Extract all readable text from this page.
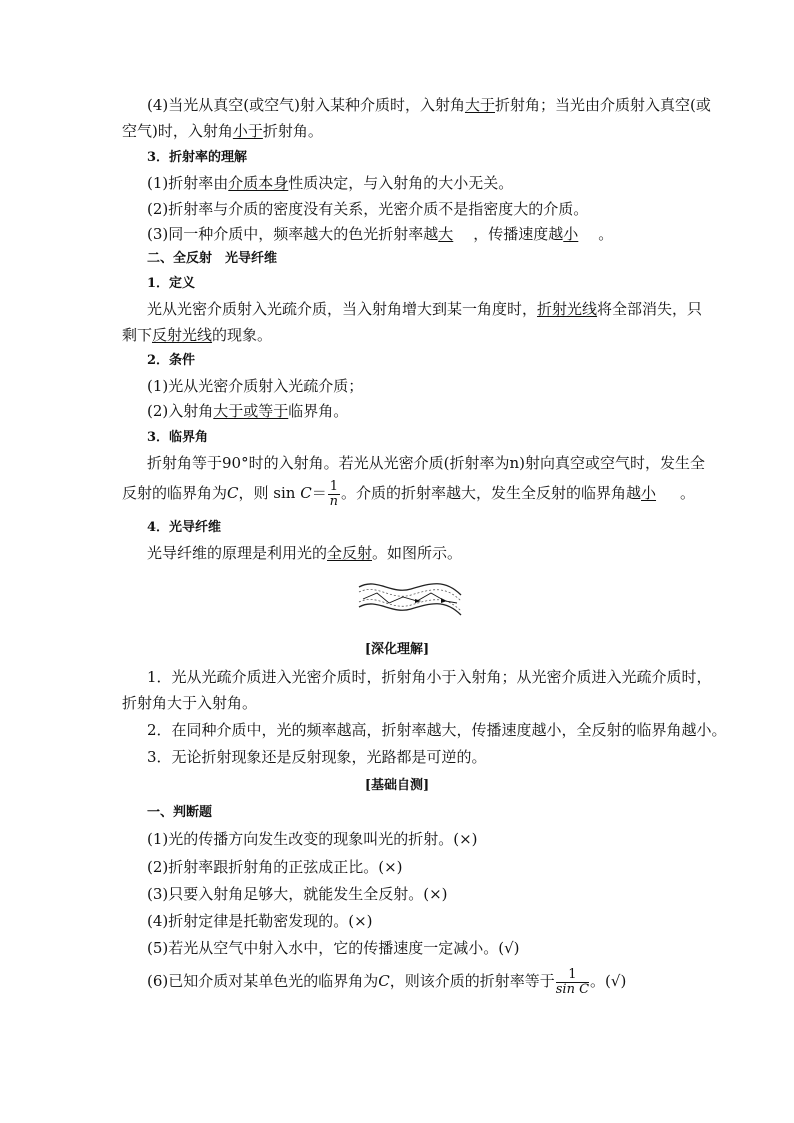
(4)当光从真空(或空气)射入某种介质时，入射角大于折射角；当光由介质射入真空(或
空气)时，入射角小于折射角。
3．折射率的理解
(1)折射率由介质本身性质决定，与入射角的大小无关。
(2)折射率与介质的密度没有关系，光密介质不是指密度大的介质。
(3)同一种介质中，频率越大的色光折射率越大 ，传播速度越小 。
二、全反射　光导纤维
1．定义
光从光密介质射入光疏介质，当入射角增大到某一角度时，折射光线将全部消失，只
剩下反射光线的现象。
2．条件
(1)光从光密介质射入光疏介质；
(2)入射角大于或等于临界角。
3．临界角
折射角等于90°时的入射角。若光从光密介质(折射率为n)射向真空或空气时，发生全
反射的临界角为C，则 $\sin C= \frac{1}{n}$ 。介质的折射率越大，发生全反射的临界角越小 。
4．光导纤维
光导纤维的原理是利用光的全反射。如图所示。
[深化理解]
1．光从光疏介质进入光密介质时，折射角小于入射角；从光密介质进入光疏介质时，
折射角大于入射角。
2．在同种介质中，光的频率越高，折射率越大，传播速度越小，全反射的临界角越小。
3．无论折射现象还是反射现象，光路都是可逆的。
[基础自测]
一、判断题
(1)光的传播方向发生改变的现象叫光的折射。(×)
(2)折射率跟折射角的正弦成正比。(×)
(3)只要入射角足够大，就能发生全反射。(×)
(4)折射定律是托勒密发现的。(×)
(5)若光从空气中射入水中，它的传播速度一定减小。(√)
(6)已知介质对某单色光的临界角为C，则该介质的折射率等于 $\frac{1}{\text{sin C}}$ 。(√)
